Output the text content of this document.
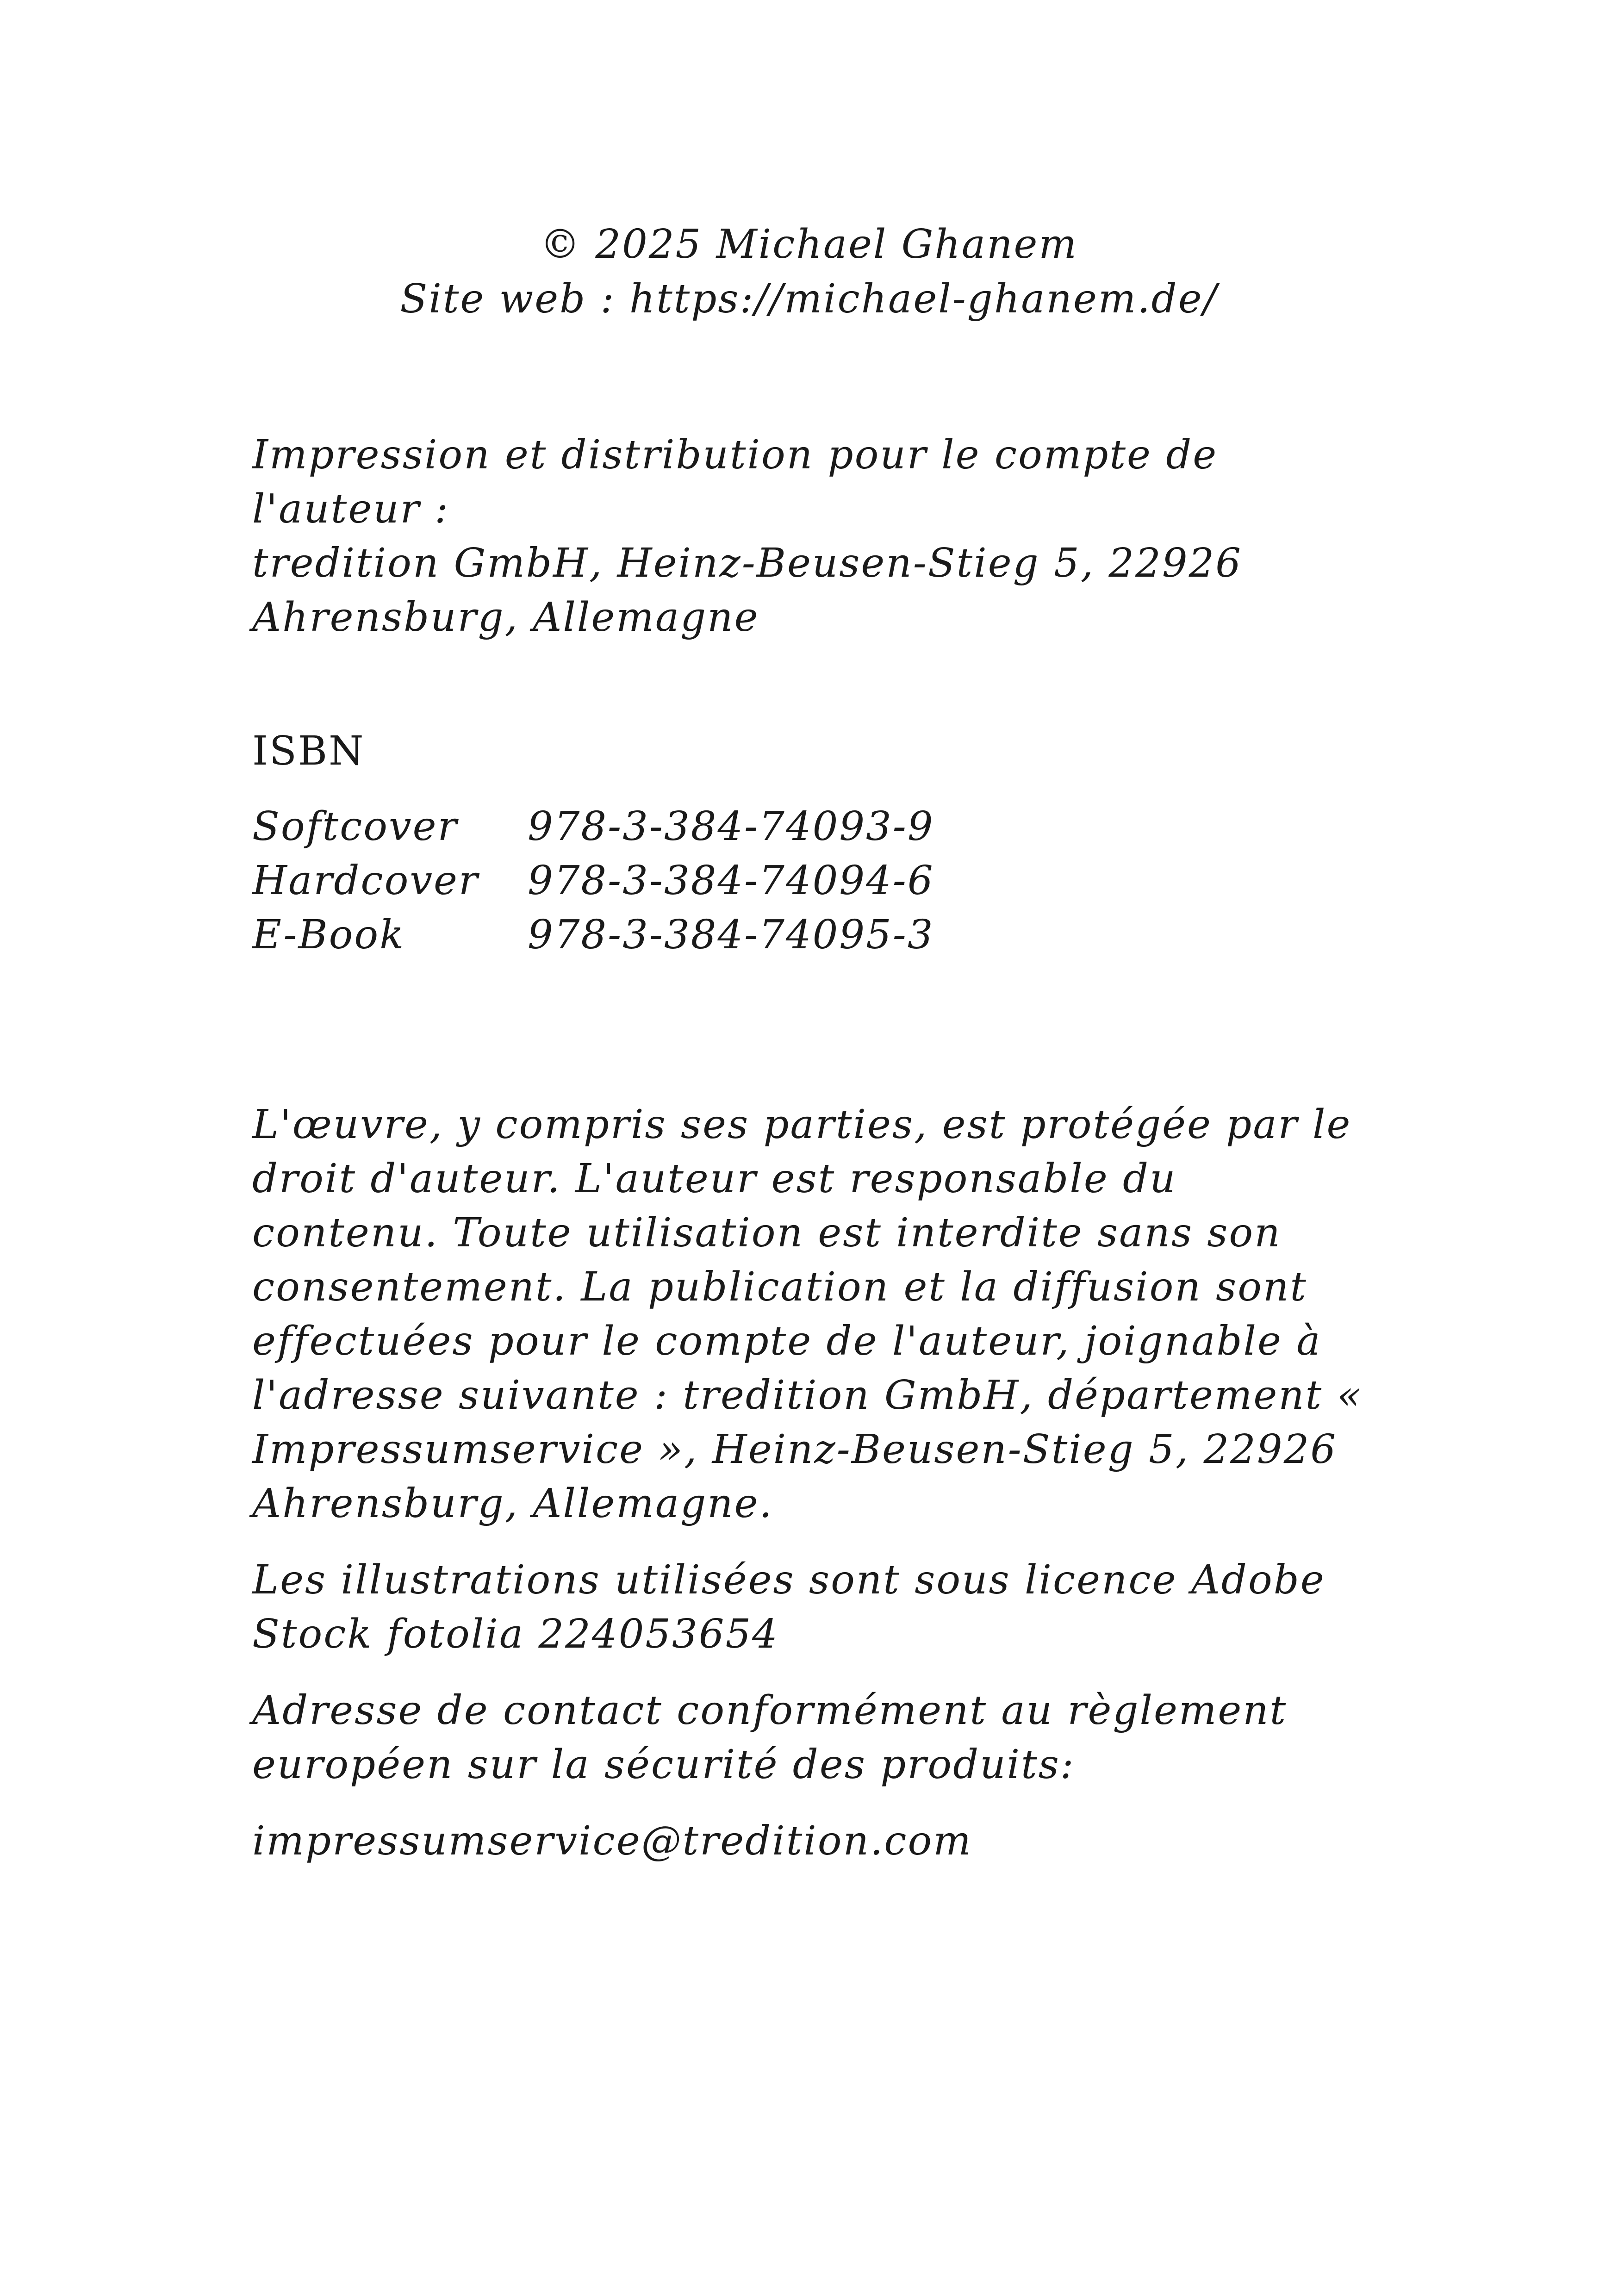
© 2025 Michael Ghanem
Site web : https://michael-ghanem.de/
Impression et distribution pour le compte de
l'auteur :
tredition GmbH, Heinz-Beusen-Stieg 5, 22926
Ahrensburg, Allemagne
ISBN
Softcover 978-3-384-74093-9
Hardcover 978-3-384-74094-6
E-Book	978-3-384-74095-3
L'œuvre, y compris ses parties, est protégée par le
droit d'auteur. L'auteur est responsable du
contenu. Toute utilisation est interdite sans son
consentement. La publication et la diffusion sont
effectuées pour le compte de l'auteur, joignable à
l'adresse suivante : tredition GmbH, département «
Impressumservice », Heinz-Beusen-Stieg 5, 22926
Ahrensburg, Allemagne.
Les illustrations utilisées sont sous licence Adobe
Stock fotolia 224053654
Adresse de contact conformément au règlement
européen sur la sécurité des produits:
impressumservice@tredition.com
